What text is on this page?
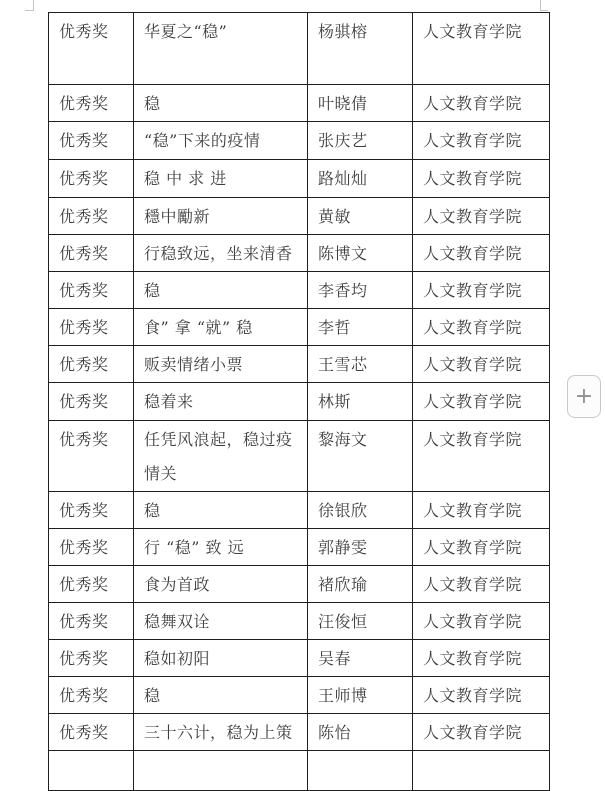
优秀奖	华夏之“稳”	杨骐榕	人文教育学院
优秀奖	稳	叶晓倩	人文教育学院
优秀奖	“稳”下来的疫情	张庆艺	人文教育学院
优秀奖	稳 中 求 进	路灿灿	人文教育学院
优秀奖	穩中勵新	黄敏	人文教育学院
优秀奖	行稳致远，坐来清香	陈博文	人文教育学院
优秀奖	稳	李香均	人文教育学院
优秀奖	食” 拿 “就” 稳	李哲	人文教育学院
优秀奖	贩卖情绪小票	王雪芯	人文教育学院
优秀奖	稳着来	林斯	人文教育学院
优秀奖	任凭风浪起，稳过疫情关	黎海文	人文教育学院
优秀奖	稳	徐银欣	人文教育学院
优秀奖	行 “稳” 致 远	郭静雯	人文教育学院
优秀奖	食为首政	褚欣瑜	人文教育学院
优秀奖	稳舞双诠	汪俊恒	人文教育学院
优秀奖	稳如初阳	吴春	人文教育学院
优秀奖	稳	王师博	人文教育学院
优秀奖	三十六计，稳为上策	陈怡	人文教育学院

+
